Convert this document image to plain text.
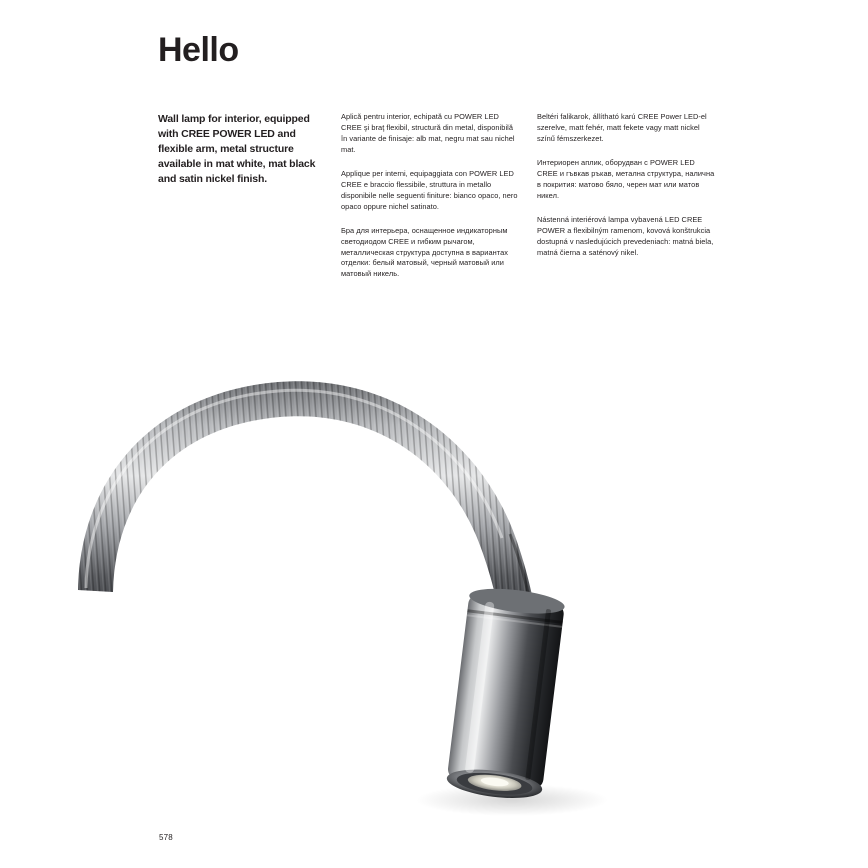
Hello

Wall lamp for interior, equipped with CREE POWER LED and flexible arm, metal structure available in mat white, mat black and satin nickel finish.

Aplică pentru interior, echipată cu POWER LED CREE şi braţ flexibil, structură din metal, disponibilă în variante de finisaje: alb mat, negru mat sau nichel mat.

Applique per interni, equipaggiata con POWER LED CREE e braccio flessibile, struttura in metallo disponibile nelle seguenti finiture: bianco opaco, nero opaco oppure nichel satinato.

Бра для интерьера, оснащенное индикаторным светодиодом CREE и гибким рычагом, металлическая структура доступна в вариантах отделки: белый матовый, черный матовый или матовый никель.

Beltéri falikarok, állítható karú CREE Power LED-el szerelve, matt fehér, matt fekete vagy matt nickel színű fémszerkezet.

Интериорен аплик, оборудван с POWER LED CREE и гъвкав ръкав, метална структура, налична в покрития: матово бяло, черен мат или матов никел.

Nástenná interiérová lampa vybavená LED CREE POWER a flexibilným ramenom, kovová konštrukcia dostupná v nasledujúcich prevedeniach: matná biela, matná čierna a saténový nikel.

578
